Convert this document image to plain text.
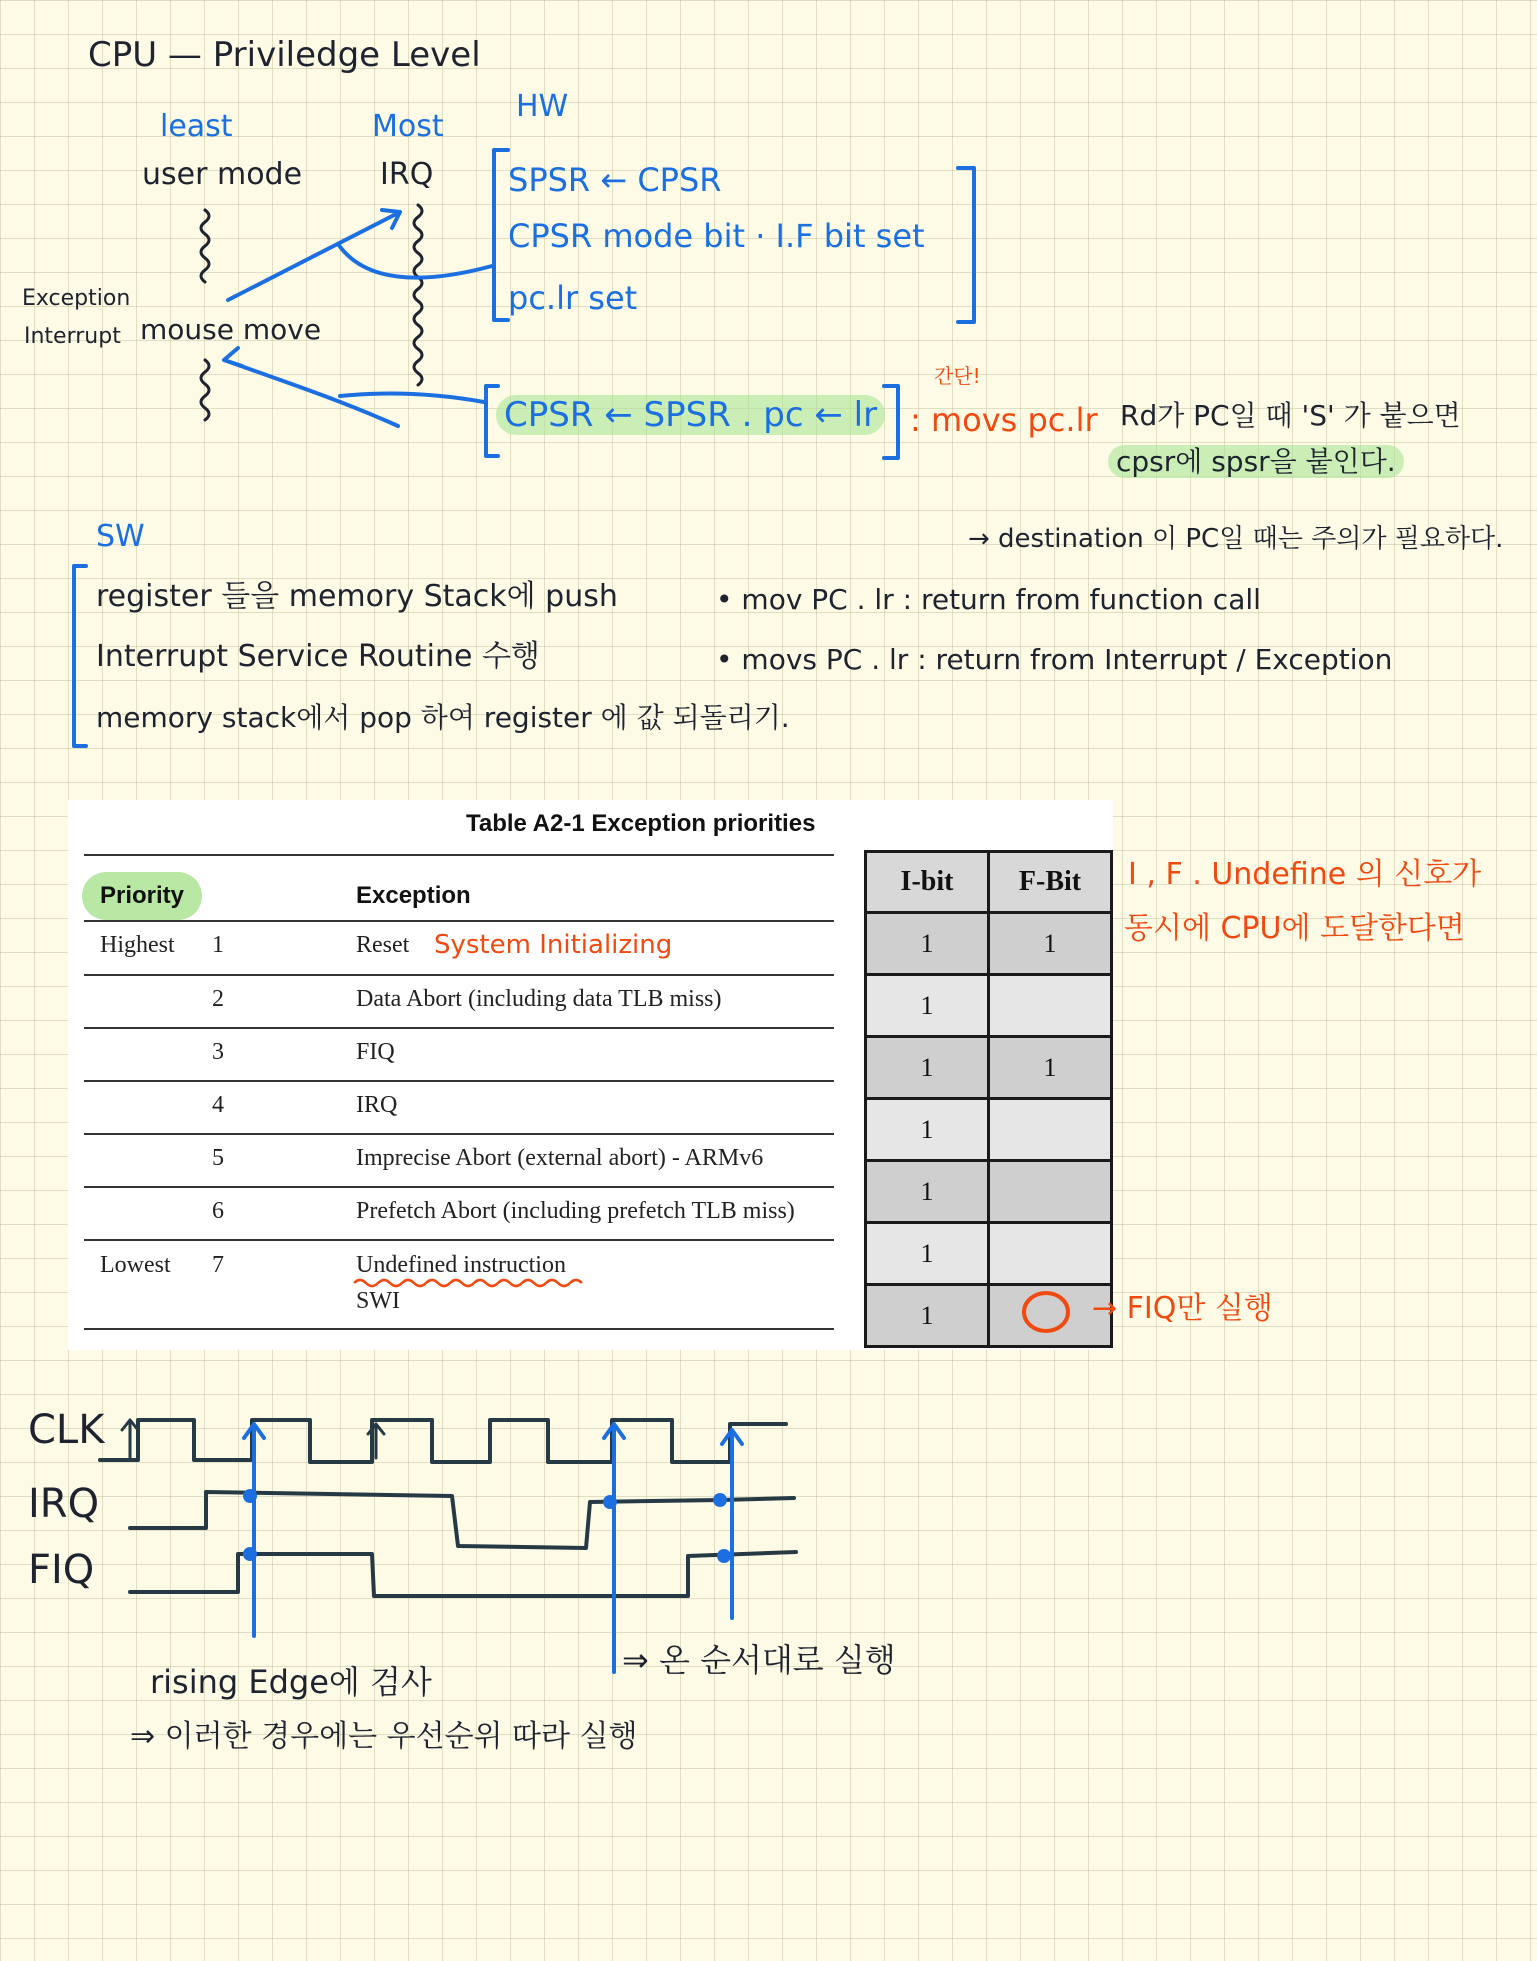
CPU — Priviledge Level
least	Most
user mode	IRQ
Exception
Interrupt mouse move
HW
SPSR ← CPSR
CPSR mode bit · I.F bit set
pc.lr set
CPSR ← SPSR . pc ← lr
간단!
: movs pc.lr Rd가 PC일 때 'S' 가 붙으면
cpsr에 spsr을 붙인다.
→ destination 이 PC일 때는 주의가 필요하다.
SW
register 들을 memory Stack에 push
Interrupt Service Routine 수행
memory stack에서 pop 하여 register 에 값 되돌리기.
• mov PC . lr : return from function call
• movs PC . lr : return from Interrupt / Exception
Table A2-1 Exception priorities
Priority	Exception
Highest 1	Reset System Initializing
2	Data Abort (including data TLB miss)
3	FIQ
4	IRQ
5	Imprecise Abort (external abort) - ARMv6
6	Prefetch Abort (including prefetch TLB miss)
Lowest 7	Undefined instruction
SWI
I-bit	F-Bit
1	1
1	
1	1
1	
1	
1	
1		→ FIQ만 실행
I , F . Undefine 의 신호가
동시에 CPU에 도달한다면
CLK
IRQ
FIQ
rising Edge에 검사
⇒ 이러한 경우에는 우선순위 따라 실행
⇒ 온 순서대로 실행
